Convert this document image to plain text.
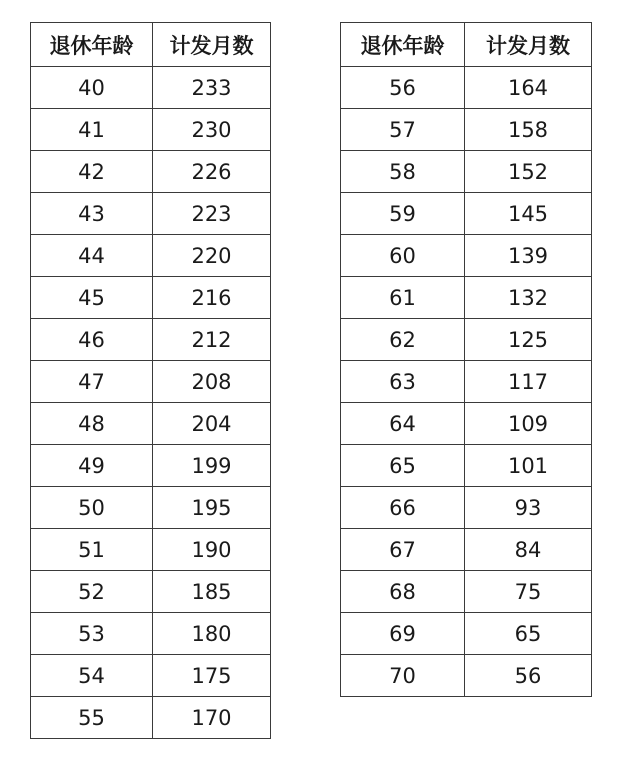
退休年龄	计发月数
40	233
41	230
42	226
43	223
44	220
45	216
46	212
47	208
48	204
49	199
50	195
51	190
52	185
53	180
54	175
55	170
退休年龄	计发月数
56	164
57	158
58	152
59	145
60	139
61	132
62	125
63	117
64	109
65	101
66	93
67	84
68	75
69	65
70	56
